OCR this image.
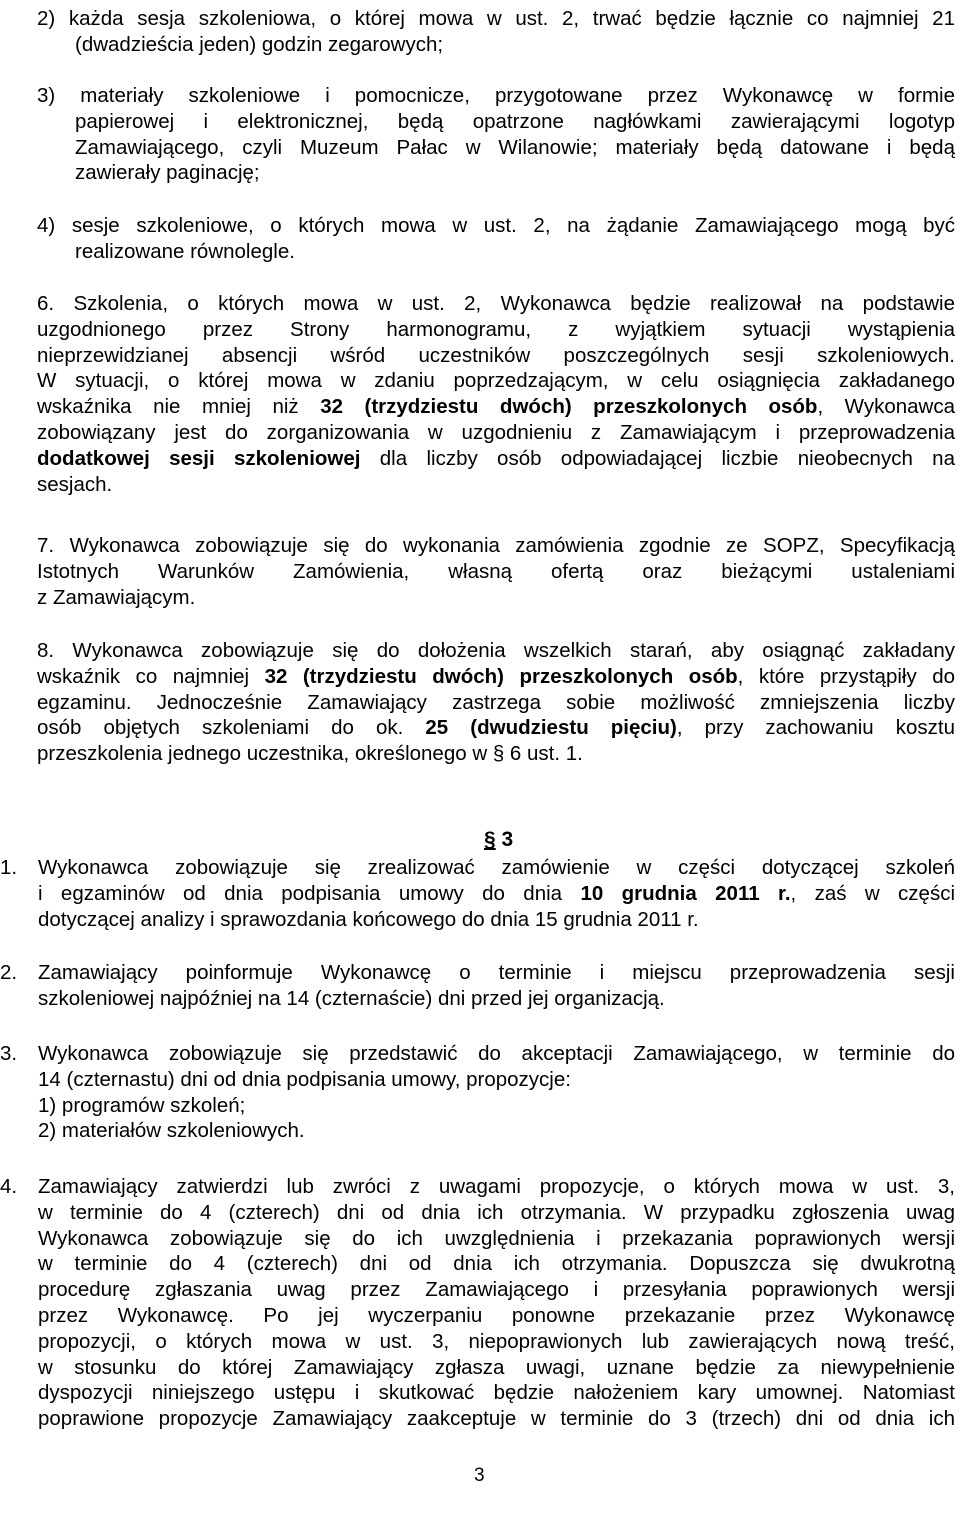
2) każda sesja szkoleniowa, o której mowa w ust. 2, trwać będzie łącznie co najmniej 21
(dwadzieścia jeden) godzin zegarowych;
3) materiały szkoleniowe i pomocnicze, przygotowane przez Wykonawcę w formie
papierowej i elektronicznej, będą opatrzone nagłówkami zawierającymi logotyp
Zamawiającego, czyli Muzeum Pałac w Wilanowie; materiały będą datowane i będą
zawierały paginację;
4) sesje szkoleniowe, o których mowa w ust. 2, na żądanie Zamawiającego mogą być
realizowane równolegle.
6. Szkolenia, o których mowa w ust. 2, Wykonawca będzie realizował na podstawie
uzgodnionego przez Strony harmonogramu, z wyjątkiem sytuacji wystąpienia
nieprzewidzianej absencji wśród uczestników poszczególnych sesji szkoleniowych.
W sytuacji, o której mowa w zdaniu poprzedzającym, w celu osiągnięcia zakładanego
wskaźnika nie mniej niż 32 (trzydziestu dwóch) przeszkolonych osób, Wykonawca
zobowiązany jest do zorganizowania w uzgodnieniu z Zamawiającym i przeprowadzenia
dodatkowej sesji szkoleniowej dla liczby osób odpowiadającej liczbie nieobecnych na
sesjach.
7. Wykonawca zobowiązuje się do wykonania zamówienia zgodnie ze SOPZ, Specyfikacją
Istotnych Warunków Zamówienia, własną ofertą oraz bieżącymi ustaleniami
z Zamawiającym.
8. Wykonawca zobowiązuje się do dołożenia wszelkich starań, aby osiągnąć zakładany
wskaźnik co najmniej 32 (trzydziestu dwóch) przeszkolonych osób, które przystąpiły do
egzaminu. Jednocześnie Zamawiający zastrzega sobie możliwość zmniejszenia liczby
osób objętych szkoleniami do ok. 25 (dwudziestu pięciu), przy zachowaniu kosztu
przeszkolenia jednego uczestnika, określonego w § 6 ust. 1.
§ 3
1. Wykonawca zobowiązuje się zrealizować zamówienie w części dotyczącej szkoleń
i egzaminów od dnia podpisania umowy do dnia 10 grudnia 2011 r., zaś w części
dotyczącej analizy i sprawozdania końcowego do dnia 15 grudnia 2011 r.
2. Zamawiający poinformuje Wykonawcę o terminie i miejscu przeprowadzenia sesji
szkoleniowej najpóźniej na 14 (czternaście) dni przed jej organizacją.
3. Wykonawca zobowiązuje się przedstawić do akceptacji Zamawiającego, w terminie do
14 (czternastu) dni od dnia podpisania umowy, propozycje:
1) programów szkoleń;
2) materiałów szkoleniowych.
4. Zamawiający zatwierdzi lub zwróci z uwagami propozycje, o których mowa w ust. 3,
w terminie do 4 (czterech) dni od dnia ich otrzymania. W przypadku zgłoszenia uwag
Wykonawca zobowiązuje się do ich uwzględnienia i przekazania poprawionych wersji
w terminie do 4 (czterech) dni od dnia ich otrzymania. Dopuszcza się dwukrotną
procedurę zgłaszania uwag przez Zamawiającego i przesyłania poprawionych wersji
przez Wykonawcę. Po jej wyczerpaniu ponowne przekazanie przez Wykonawcę
propozycji, o których mowa w ust. 3, niepoprawionych lub zawierających nową treść,
w stosunku do której Zamawiający zgłasza uwagi, uznane będzie za niewypełnienie
dyspozycji niniejszego ustępu i skutkować będzie nałożeniem kary umownej. Natomiast
poprawione propozycje Zamawiający zaakceptuje w terminie do 3 (trzech) dni od dnia ich
3
